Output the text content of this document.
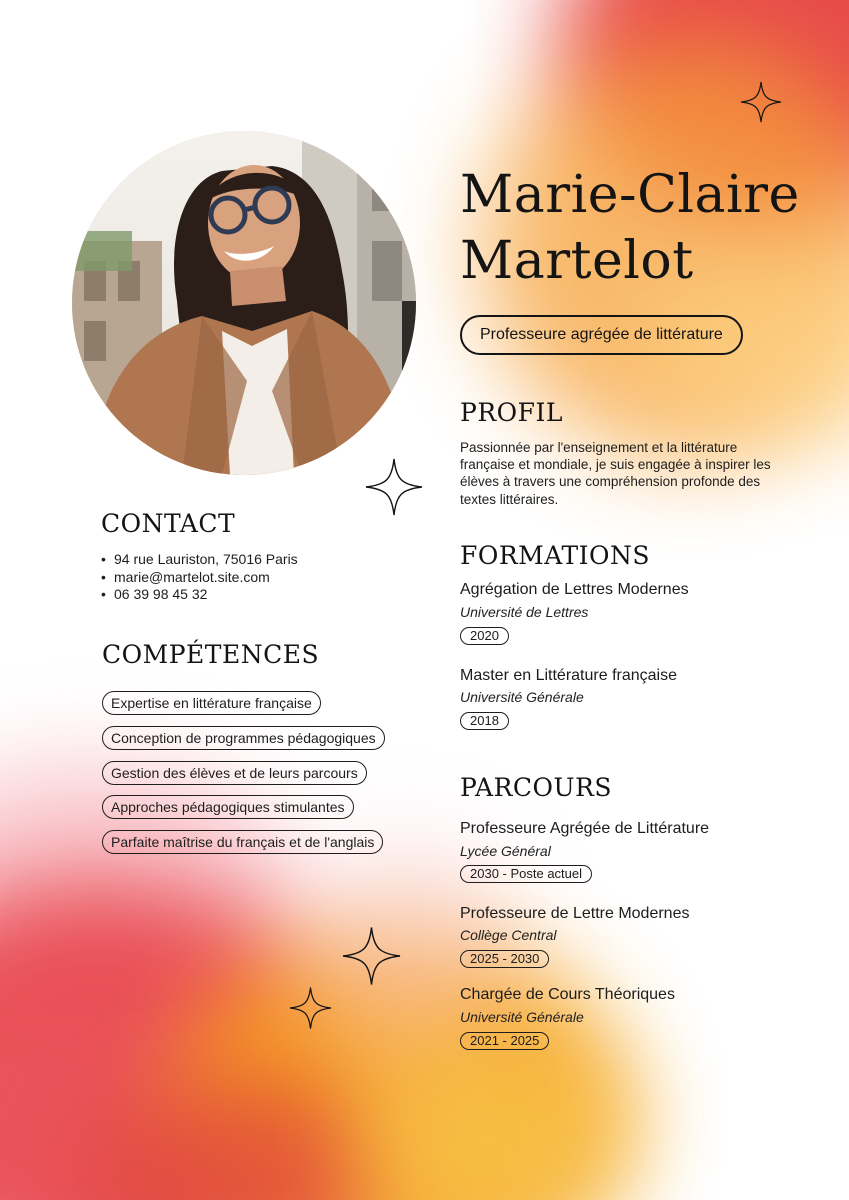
Marie-Claire
Martelot
Professeure agrégée de littérature
PROFIL

Passionnée par l'enseignement et la littérature française et mondiale, je suis engagée à inspirer les élèves à travers une compréhension profonde des textes littéraires.

CONTACT
• 94 rue Lauriston, 75016 Paris
• marie@martelot.site.com
• 06 39 98 45 32
COMPÉTENCES
Expertise en littérature française
Conception de programmes pédagogiques
Gestion des élèves et de leurs parcours
Approches pédagogiques stimulantes
Parfaite maîtrise du français et de l'anglais
FORMATIONS

Agrégation de Lettres Modernes

Université de Lettres

2020

Master en Littérature française

Université Générale

2018
PARCOURS

Professeure Agrégée de Littérature

Lycée Général

2030 - Poste actuel

Professeure de Lettre Modernes

Collège Central

2025 - 2030

Chargée de Cours Théoriques

Université Générale

2021 - 2025
